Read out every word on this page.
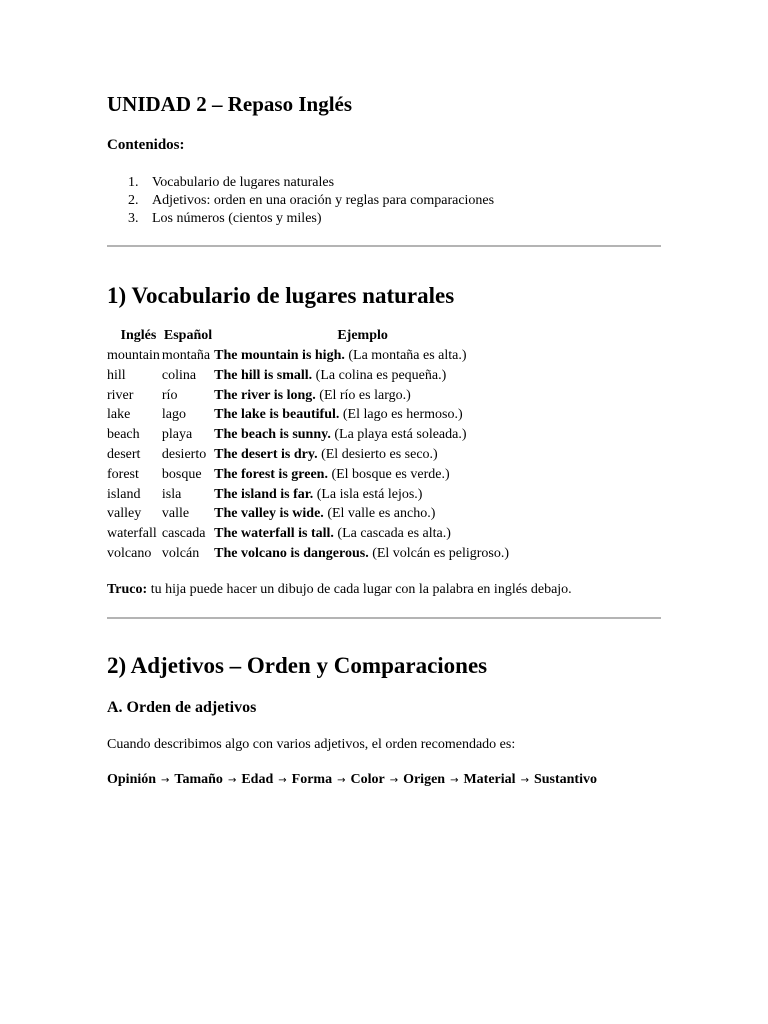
UNIDAD 2 – Repaso Inglés
Contenidos:
1. Vocabulario de lugares naturales
2. Adjetivos: orden en una oración y reglas para comparaciones
3. Los números (cientos y miles)
1) Vocabulario de lugares naturales
Inglés	Español	Ejemplo
mountain	montaña	The mountain is high. (La montaña es alta.)
hill	colina	The hill is small. (La colina es pequeña.)
river	río	The river is long. (El río es largo.)
lake	lago	The lake is beautiful. (El lago es hermoso.)
beach	playa	The beach is sunny. (La playa está soleada.)
desert	desierto	The desert is dry. (El desierto es seco.)
forest	bosque	The forest is green. (El bosque es verde.)
island	isla	The island is far. (La isla está lejos.)
valley	valle	The valley is wide. (El valle es ancho.)
waterfall	cascada	The waterfall is tall. (La cascada es alta.)
volcano	volcán	The volcano is dangerous. (El volcán es peligroso.)
Truco: tu hija puede hacer un dibujo de cada lugar con la palabra en inglés debajo.
2) Adjetivos – Orden y Comparaciones
A. Orden de adjetivos
Cuando describimos algo con varios adjetivos, el orden recomendado es:
Opinión → Tamaño → Edad → Forma → Color → Origen → Material → Sustantivo
